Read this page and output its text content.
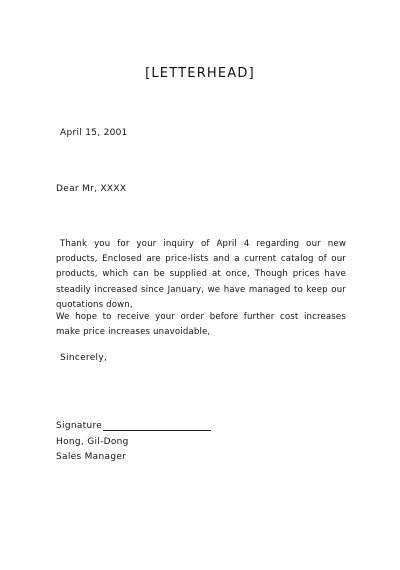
[LETTERHEAD]
April 15, 2001
Dear Mr, XXXX

Thank you for your inquiry of April 4 regarding our new products, Enclosed are price-lists and a current catalog of our products, which can be supplied at once, Though prices have steadily increased since January, we have managed to keep our quotations down,

We hope to receive your order before further cost increases make price increases unavoidable,

Sincerely,
Signature
Hong, Gil-Dong
Sales Manager
